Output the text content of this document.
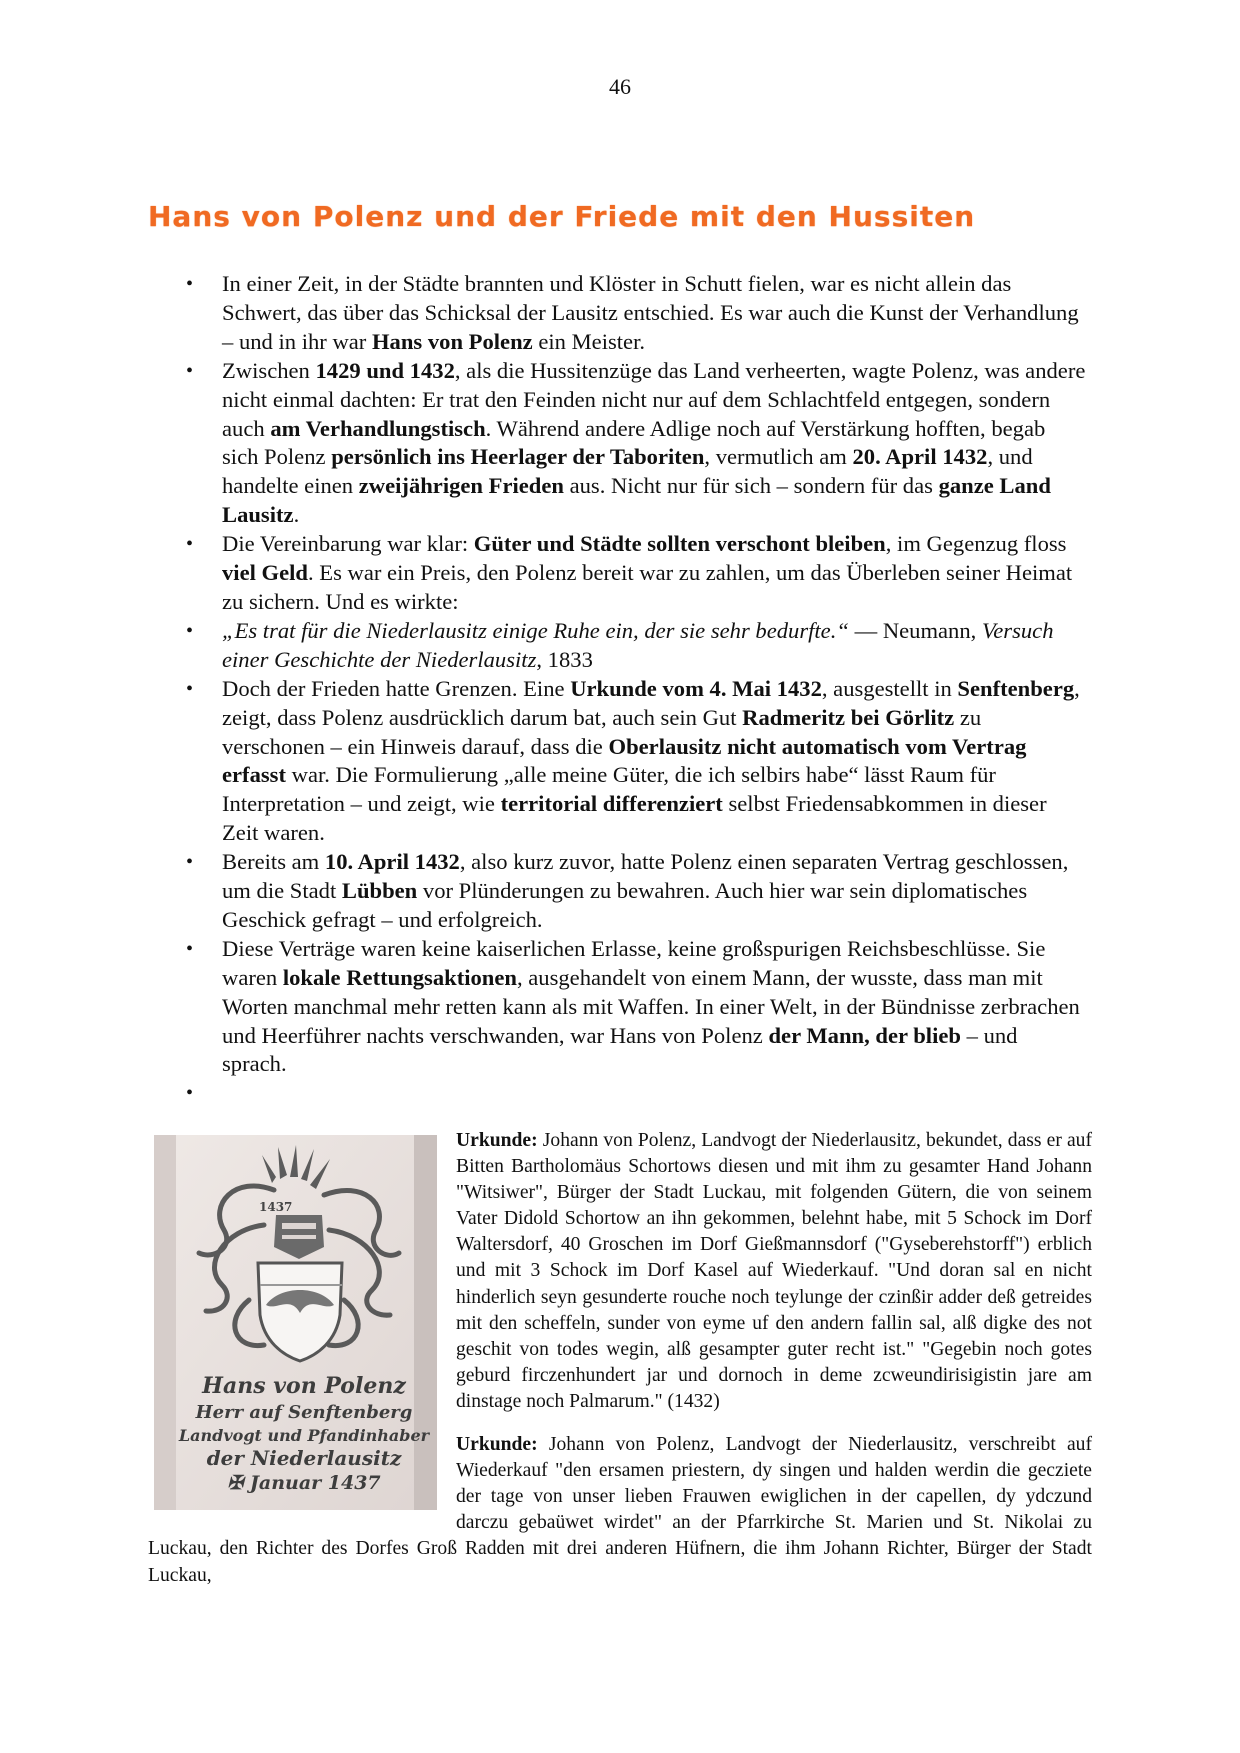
46
Hans von Polenz und der Friede mit den Hussiten
• In einer Zeit, in der Städte brannten und Klöster in Schutt fielen, war es nicht allein das Schwert, das über das Schicksal der Lausitz entschied. Es war auch die Kunst der Verhandlung – und in ihr war Hans von Polenz ein Meister.
• Zwischen 1429 und 1432, als die Hussitenzüge das Land verheerten, wagte Polenz, was andere nicht einmal dachten: Er trat den Feinden nicht nur auf dem Schlachtfeld entgegen, sondern auch am Verhandlungstisch. Während andere Adlige noch auf Verstärkung hofften, begab sich Polenz persönlich ins Heerlager der Taboriten, vermutlich am 20. April 1432, und handelte einen zweijährigen Frieden aus. Nicht nur für sich – sondern für das ganze Land Lausitz.
• Die Vereinbarung war klar: Güter und Städte sollten verschont bleiben, im Gegenzug floss viel Geld. Es war ein Preis, den Polenz bereit war zu zahlen, um das Überleben seiner Heimat zu sichern. Und es wirkte:
• „Es trat für die Niederlausitz einige Ruhe ein, der sie sehr bedurfte.“ — Neumann, Versuch einer Geschichte der Niederlausitz, 1833
• Doch der Frieden hatte Grenzen. Eine Urkunde vom 4. Mai 1432, ausgestellt in Senftenberg, zeigt, dass Polenz ausdrücklich darum bat, auch sein Gut Radmeritz bei Görlitz zu verschonen – ein Hinweis darauf, dass die Oberlausitz nicht automatisch vom Vertrag erfasst war. Die Formulierung „alle meine Güter, die ich selbirs habe“ lässt Raum für Interpretation – und zeigt, wie territorial differenziert selbst Friedensabkommen in dieser Zeit waren.
• Bereits am 10. April 1432, also kurz zuvor, hatte Polenz einen separaten Vertrag geschlossen, um die Stadt Lübben vor Plünderungen zu bewahren. Auch hier war sein diplomatisches Geschick gefragt – und erfolgreich.
• Diese Verträge waren keine kaiserlichen Erlasse, keine großspurigen Reichsbeschlüsse. Sie waren lokale Rettungsaktionen, ausgehandelt von einem Mann, der wusste, dass man mit Worten manchmal mehr retten kann als mit Waffen. In einer Welt, in der Bündnisse zerbrachen und Heerführer nachts verschwanden, war Hans von Polenz der Mann, der blieb – und sprach.
•
1437
Hans von Polenz
Herr auf Senftenberg
Landvogt und Pfandinhaber
der Niederlausitz
✠ Januar 1437

Urkunde: Johann von Polenz, Landvogt der Niederlausitz, bekundet, dass er auf Bitten Bartholomäus Schortows diesen und mit ihm zu gesamter Hand Johann "Witsiwer", Bürger der Stadt Luckau, mit folgenden Gütern, die von seinem Vater Didold Schortow an ihn gekommen, belehnt habe, mit 5 Schock im Dorf Waltersdorf, 40 Groschen im Dorf Gießmannsdorf ("Gyseberehstorff") erblich und mit 3 Schock im Dorf Kasel auf Wiederkauf. "Und doran sal en nicht hinderlich seyn gesunderte rouche noch teylunge der czinßir adder deß getreides mit den scheffeln, sunder von eyme uf den andern fallin sal, alß digke des not geschit von todes wegin, alß gesampter guter recht ist." "Gegebin noch gotes geburd firczenhundert jar und dornoch in deme zcweundirisigistin jare am dinstage noch Palmarum." (1432)

Urkunde: Johann von Polenz, Landvogt der Niederlausitz, verschreibt auf Wiederkauf "den ersamen priestern, dy singen und halden werdin die gecziete der tage von unser lieben Frauwen ewiglichen in der capellen, dy ydczund darczu gebaüwet wirdet" an der Pfarrkirche St. Marien und St. Nikolai zu Luckau, den Richter des Dorfes Groß Radden mit drei anderen Hüfnern, die ihm Johann Richter, Bürger der Stadt Luckau,
